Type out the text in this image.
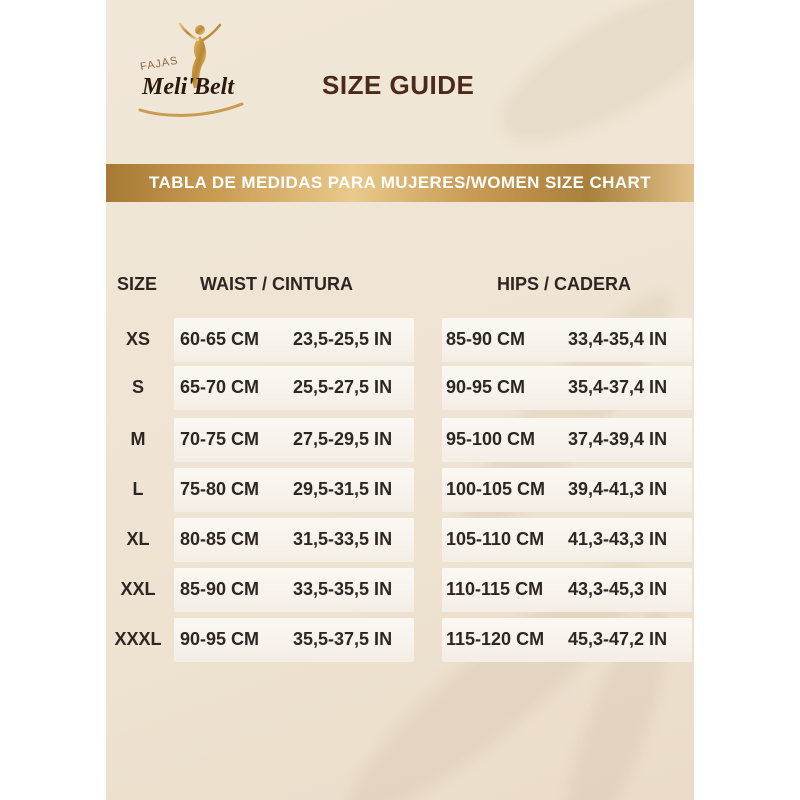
FAJAS
Meli'Belt	SIZE GUIDE
TABLA DE MEDIDAS PARA MUJERES/WOMEN SIZE CHART
SIZE WAIST / CINTURA	HIPS / CADERA
XS	60-65 CM 23,5-25,5 IN	85-90 CM 33,4-35,4 IN
S	65-70 CM 25,5-27,5 IN	90-95 CM 35,4-37,4 IN
M	70-75 CM 27,5-29,5 IN	95-100 CM 37,4-39,4 IN
L	75-80 CM 29,5-31,5 IN	100-105 CM 39,4-41,3 IN
XL	80-85 CM 31,5-33,5 IN	105-110 CM 41,3-43,3 IN
XXL	85-90 CM 33,5-35,5 IN	110-115 CM 43,3-45,3 IN
XXXL	90-95 CM 35,5-37,5 IN	115-120 CM 45,3-47,2 IN
